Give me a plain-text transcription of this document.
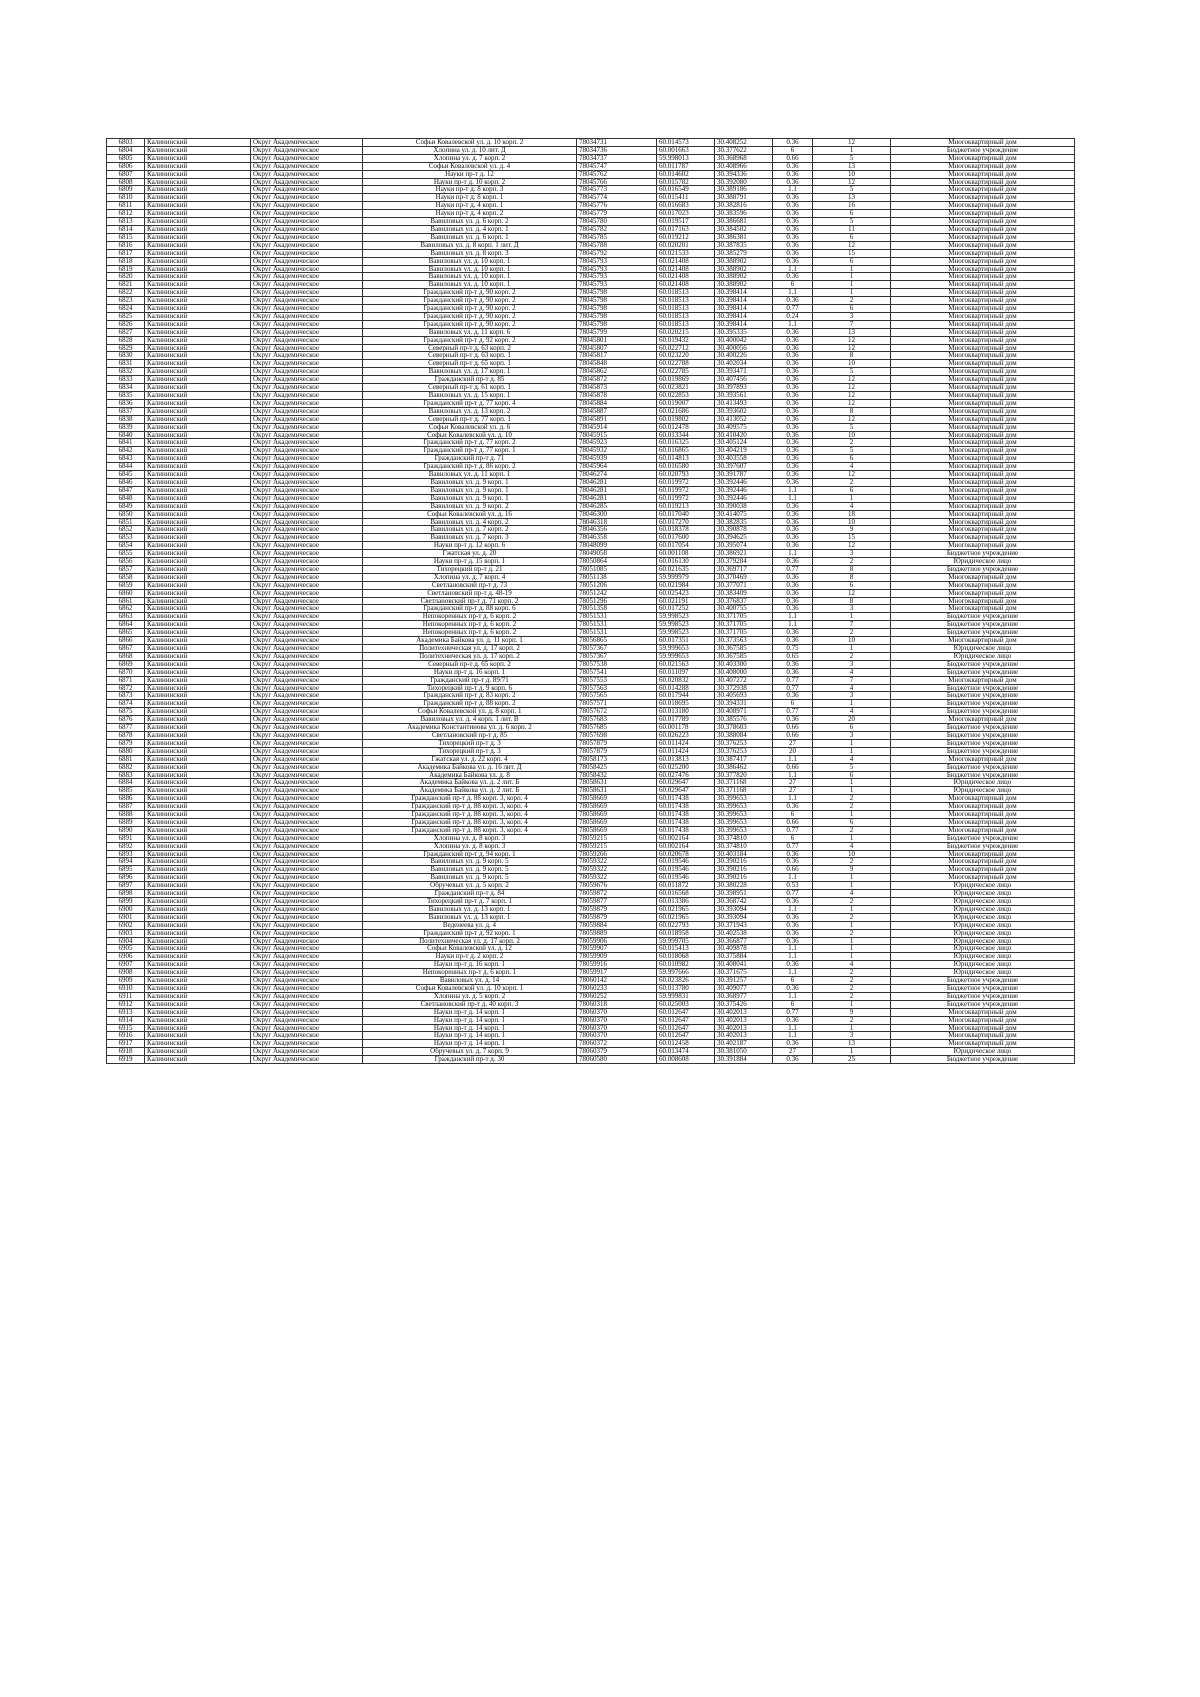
6803	Калининский	Округ Академическое	Софьи Ковалевской ул. д. 10 корп. 2	78034731	60.014573	30.408252	0.36	12	Многоквартирный дом
6804	Калининский	Округ Академическое	Хлопина ул. д. 10 лит. Д	78034736	60.001663	30.377622	6	1	Бюджетное учреждение
6805	Калининский	Округ Академическое	Хлопина ул. д. 7 корп. 2	78034737	59.998013	30.368968	0.66	5	Многоквартирный дом
6806	Калининский	Округ Академическое	Софьи Ковалевской ул. д. 4	78045747	60.011787	30.408966	0.36	13	Многоквартирный дом
6807	Калининский	Округ Академическое	Науки пр-т д. 12	78045762	60.014602	30.394336	0.36	10	Многоквартирный дом
6808	Калининский	Округ Академическое	Науки пр-т д. 10 корп. 2	78045766	60.015782	30.392080	0.36	12	Многоквартирный дом
6809	Калининский	Округ Академическое	Науки пр-т д. 8 корп. 3	78045773	60.016549	30.389186	1.1	5	Многоквартирный дом
6810	Калининский	Округ Академическое	Науки пр-т д. 8 корп. 1	78045774	60.015411	30.388791	0.36	13	Многоквартирный дом
6811	Калининский	Округ Академическое	Науки пр-т д. 4 корп. 1	78045776	60.016683	30.382816	0.36	16	Многоквартирный дом
6812	Калининский	Округ Академическое	Науки пр-т д. 4 корп. 2	78045779	60.017023	30.383596	0.36	6	Многоквартирный дом
6813	Калининский	Округ Академическое	Вавиловых ул. д. 6 корп. 2	78045780	60.019517	30.386681	0.36	5	Многоквартирный дом
6814	Калининский	Округ Академическое	Вавиловых ул. д. 4 корп. 1	78045782	60.017163	30.384502	0.36	11	Многоквартирный дом
6815	Калининский	Округ Академическое	Вавиловых ул. д. 6 корп. 1	78045785	60.019212	30.386381	0.36	6	Многоквартирный дом
6816	Калининский	Округ Академическое	Вавиловых ул. д. 8 корп. 1 лит. Д	78045788	60.020201	30.387835	0.36	12	Многоквартирный дом
6817	Калининский	Округ Академическое	Вавиловых ул. д. 8 корп. 3	78045792	60.021533	30.385279	0.36	15	Многоквартирный дом
6818	Калининский	Округ Академическое	Вавиловых ул. д. 10 корп. 1	78045793	60.021408	30.388902	0.36	6	Многоквартирный дом
6819	Калининский	Округ Академическое	Вавиловых ул. д. 10 корп. 1	78045793	60.021408	30.388902	1.1	1	Многоквартирный дом
6820	Калининский	Округ Академическое	Вавиловых ул. д. 10 корп. 1	78045793	60.021408	30.388902	0.36	1	Многоквартирный дом
6821	Калининский	Округ Академическое	Вавиловых ул. д. 10 корп. 1	78045793	60.021408	30.388902	6	1	Многоквартирный дом
6822	Калининский	Округ Академическое	Гражданский пр-т д. 90 корп. 2	78045798	60.018513	30.398414	1.1	1	Многоквартирный дом
6823	Калининский	Округ Академическое	Гражданский пр-т д. 90 корп. 2	78045798	60.018513	30.398414	0.36	2	Многоквартирный дом
6824	Калининский	Округ Академическое	Гражданский пр-т д. 90 корп. 2	78045798	60.018513	30.398414	0.77	6	Многоквартирный дом
6825	Калининский	Округ Академическое	Гражданский пр-т д. 90 корп. 2	78045798	60.018513	30.398414	0.24	3	Многоквартирный дом
6826	Калининский	Округ Академическое	Гражданский пр-т д. 90 корп. 2	78045798	60.018513	30.398414	1.1	7	Многоквартирный дом
6827	Калининский	Округ Академическое	Вавиловых ул. д. 11 корп. 6	78045799	60.020215	30.395335	0.36	13	Многоквартирный дом
6828	Калининский	Округ Академическое	Гражданский пр-т д. 92 корп. 2	78045801	60.019432	30.400042	0.36	12	Многоквартирный дом
6829	Калининский	Округ Академическое	Северный пр-т д. 63 корп. 2	78045807	60.022712	30.400056	0.36	12	Многоквартирный дом
6830	Калининский	Округ Академическое	Северный пр-т д. 63 корп. 1	78045817	60.023220	30.400226	0.36	8	Многоквартирный дом
6831	Калининский	Округ Академическое	Северный пр-т д. 65 корп. 1	78045848	60.022788	30.402034	0.36	10	Многоквартирный дом
6832	Калининский	Округ Академическое	Вавиловых ул. д. 17 корп. 1	78045862	60.022785	30.393471	0.36	5	Многоквартирный дом
6833	Калининский	Округ Академическое	Гражданский пр-т д. 85	78045872	60.019869	30.407456	0.36	12	Многоквартирный дом
6834	Калининский	Округ Академическое	Северный пр-т д. 61 корп. 1	78045873	60.023821	30.397893	0.36	12	Многоквартирный дом
6835	Калининский	Округ Академическое	Вавиловых ул. д. 15 корп. 1	78045878	60.022853	30.393561	0.36	12	Многоквартирный дом
6836	Калининский	Округ Академическое	Гражданский пр-т д. 77 корп. 4	78045884	60.019007	30.413493	0.36	12	Многоквартирный дом
6837	Калининский	Округ Академическое	Вавиловых ул. д. 13 корп. 2	78045887	60.021686	30.393602	0.36	8	Многоквартирный дом
6838	Калининский	Округ Академическое	Северный пр-т д. 77 корп. 1	78045891	60.019802	30.413052	0.36	12	Многоквартирный дом
6839	Калининский	Округ Академическое	Софьи Ковалевской ул. д. 6	78045914	60.012478	30.409575	0.36	5	Многоквартирный дом
6840	Калининский	Округ Академическое	Софьи Ковалевской ул. д. 10	78045915	60.013344	30.410420	0.36	10	Многоквартирный дом
6841	Калининский	Округ Академическое	Гражданский пр-т д. 77 корп. 2	78045923	60.016325	30.405124	0.36	2	Многоквартирный дом
6842	Калининский	Округ Академическое	Гражданский пр-т д. 77 корп. 1	78045932	60.016865	30.404219	0.36	5	Многоквартирный дом
6843	Калининский	Округ Академическое	Гражданский пр-т д. 71	78045939	60.014813	30.403558	0.36	6	Многоквартирный дом
6844	Калининский	Округ Академическое	Гражданский пр-т д. 86 корп. 2	78045964	60.016580	30.397607	0.36	4	Многоквартирный дом
6845	Калининский	Округ Академическое	Вавиловых ул. д. 11 корп. 1	78046274	60.020793	30.391787	0.36	12	Многоквартирный дом
6846	Калининский	Округ Академическое	Вавиловых ул. д. 9 корп. 1	78046281	60.019972	30.392446	0.36	2	Многоквартирный дом
6847	Калининский	Округ Академическое	Вавиловых ул. д. 9 корп. 1	78046281	60.019972	30.392446	1.1	6	Многоквартирный дом
6848	Калининский	Округ Академическое	Вавиловых ул. д. 9 корп. 1	78046281	60.019972	30.392446	1.1	1	Многоквартирный дом
6849	Калининский	Округ Академическое	Вавиловых ул. д. 9 корп. 2	78046285	60.019213	30.390038	0.36	4	Многоквартирный дом
6850	Калининский	Округ Академическое	Софьи Ковалевской ул. д. 16	78046300	60.017040	30.414075	0.36	18	Многоквартирный дом
6851	Калининский	Округ Академическое	Вавиловых ул. д. 4 корп. 2	78046318	60.017270	30.382835	0.36	10	Многоквартирный дом
6852	Калининский	Округ Академическое	Вавиловых ул. д. 7 корп. 2	78046356	60.018378	30.390878	0.36	9	Многоквартирный дом
6853	Калининский	Округ Академическое	Вавиловых ул. д. 7 корп. 3	78046358	60.017600	30.394625	0.36	15	Многоквартирный дом
6854	Калининский	Округ Академическое	Науки пр-т д. 12 корп. 6	78048099	60.017054	30.395074	0.36	12	Многоквартирный дом
6855	Калининский	Округ Академическое	Гжатская ул. д. 20	78049058	60.001108	30.386921	1.1	3	Бюджетное учреждение
6856	Калининский	Округ Академическое	Науки пр-т д. 15 корп. 1	78050864	60.016130	30.379284	0.36	2	Юридическое лицо
6857	Калининский	Округ Академическое	Тихорецкий пр-т д. 21	78051085	60.021635	30.369717	0.77	8	Бюджетное учреждение
6858	Калининский	Округ Академическое	Хлопина ул. д. 7 корп. 4	78051138	59.999979	30.370469	0.36	8	Многоквартирный дом
6859	Калининский	Округ Академическое	Светлановский пр-т д. 73	78051206	60.021984	30.377071	0.36	6	Многоквартирный дом
6860	Калининский	Округ Академическое	Светлановский пр-т д. 48-19	78051242	60.025423	30.383409	0.36	12	Многоквартирный дом
6861	Калининский	Округ Академическое	Светлановский пр-т д. 71 корп. 2	78051296	60.021191	30.376837	0.36	8	Многоквартирный дом
6862	Калининский	Округ Академическое	Гражданский пр-т д. 88 корп. 6	78051358	60.017252	30.400755	0.36	3	Многоквартирный дом
6863	Калининский	Округ Академическое	Непокоренных пр-т д. 6 корп. 2	78051531	59.998523	30.371705	1.1	1	Бюджетное учреждение
6864	Калининский	Округ Академическое	Непокоренных пр-т д. 6 корп. 2	78051531	59.998523	30.371705	1.1	7	Бюджетное учреждение
6865	Калининский	Округ Академическое	Непокоренных пр-т д. 6 корп. 2	78051531	59.998523	30.371705	0.36	2	Бюджетное учреждение
6866	Калининский	Округ Академическое	Академика Байкова ул. д. 11 корп. 1	78056865	60.017351	30.373563	0.36	10	Многоквартирный дом
6867	Калининский	Округ Академическое	Политехническая ул. д. 17 корп. 2	78057367	59.999653	30.367585	0.75	1	Юридическое лицо
6868	Калининский	Округ Академическое	Политехническая ул. д. 17 корп. 2	78057367	59.999653	30.367585	0.65	2	Юридическое лицо
6869	Калининский	Округ Академическое	Северный пр-т д. 65 корп. 2	78057538	60.021563	30.403300	0.36	3	Бюджетное учреждение
6870	Калининский	Округ Академическое	Науки пр-т д. 16 корп. 1	78057541	60.011097	30.408000	0.36	4	Бюджетное учреждение
6871	Калининский	Округ Академическое	Гражданский пр-т д. 89/71	78057553	60.020832	30.407272	0.77	7	Многоквартирный дом
6872	Калининский	Округ Академическое	Тихорецкий пр-т д. 9 корп. 6	78057563	60.014288	30.372938	0.77	4	Бюджетное учреждение
6873	Калининский	Округ Академическое	Гражданский пр-т д. 83 корп. 2	78057565	60.017944	30.405693	0.36	3	Бюджетное учреждение
6874	Калининский	Округ Академическое	Гражданский пр-т д. 88 корп. 2	78057571	60.018695	30.394331	6	1	Бюджетное учреждение
6875	Калининский	Округ Академическое	Софьи Ковалевской ул. д. 8 корп. 1	78057672	60.013180	30.408971	0.77	4	Бюджетное учреждение
6876	Калининский	Округ Академическое	Вавиловых ул. д. 4 корп. 1 лит. В	78057683	60.017789	30.385576	0.36	20	Многоквартирный дом
6877	Калининский	Округ Академическое	Академика Константинова ул. д. 6 корп. 2	78057685	60.001178	30.378603	0.66	6	Бюджетное учреждение
6878	Калининский	Округ Академическое	Светлановский пр-т д. 85	78057698	60.026223	30.388084	0.66	3	Бюджетное учреждение
6879	Калининский	Округ Академическое	Тихорецкий пр-т д. 3	78057879	60.011424	30.376253	27	1	Бюджетное учреждение
6880	Калининский	Округ Академическое	Тихорецкий пр-т д. 3	78057879	60.011424	30.376253	20	1	Бюджетное учреждение
6881	Калининский	Округ Академическое	Гжатская ул. д. 22 корп. 4	78058173	60.013813	30.387417	1.1	4	Многоквартирный дом
6882	Калининский	Округ Академическое	Академика Байкова ул. д. 16 лит. Д	78058425	60.025200	30.386462	0.66	5	Бюджетное учреждение
6883	Калининский	Округ Академическое	Академика Байкова ул. д. 8	78058432	60.027476	30.377820	1.1	6	Бюджетное учреждение
6884	Калининский	Округ Академическое	Академика Байкова ул. д. 2 лит. Б	78058631	60.029647	30.371168	27	1	Юридическое лицо
6885	Калининский	Округ Академическое	Академика Байкова ул. д. 2 лит. Б	78058631	60.029647	30.371168	27	1	Юридическое лицо
6886	Калининский	Округ Академическое	Гражданский пр-т д. 88 корп. 3, корп. 4	78058669	60.017438	30.399653	1.1	2	Многоквартирный дом
6887	Калининский	Округ Академическое	Гражданский пр-т д. 88 корп. 3, корп. 4	78058669	60.017438	30.399653	0.36	2	Многоквартирный дом
6888	Калининский	Округ Академическое	Гражданский пр-т д. 88 корп. 3, корп. 4	78058669	60.017438	30.399653	6	1	Многоквартирный дом
6889	Калининский	Округ Академическое	Гражданский пр-т д. 88 корп. 3, корп. 4	78058669	60.017438	30.399653	0.66	6	Многоквартирный дом
6890	Калининский	Округ Академическое	Гражданский пр-т д. 88 корп. 3, корп. 4	78058669	60.017438	30.399653	0.77	2	Многоквартирный дом
6891	Калининский	Округ Академическое	Хлопина ул. д. 8 корп. 3	78059215	60.002164	30.374810	6	1	Бюджетное учреждение
6892	Калининский	Округ Академическое	Хлопина ул. д. 8 корп. 3	78059215	60.002164	30.374810	0.77	4	Бюджетное учреждение
6893	Калининский	Округ Академическое	Гражданский пр-т д. 94 корп. 1	78059266	60.020678	30.403184	0.36	10	Многоквартирный дом
6894	Калининский	Округ Академическое	Вавиловых ул. д. 9 корп. 5	78059322	60.019546	30.390216	0.36	2	Многоквартирный дом
6895	Калининский	Округ Академическое	Вавиловых ул. д. 9 корп. 5	78059322	60.019546	30.390216	0.66	9	Многоквартирный дом
6896	Калининский	Округ Академическое	Вавиловых ул. д. 9 корп. 5	78059322	60.019546	30.390216	1.1	1	Многоквартирный дом
6897	Калининский	Округ Академическое	Обручевых ул. д. 5 корп. 2	78059676	60.011872	30.380228	0.53	1	Юридическое лицо
6898	Калининский	Округ Академическое	Гражданский пр-т д. 84	78059872	60.016568	30.398951	0.77	4	Юридическое лицо
6899	Калининский	Округ Академическое	Тихорецкий пр-т д. 7 корп. 1	78059877	60.013386	30.368742	0.36	2	Юридическое лицо
6900	Калининский	Округ Академическое	Вавиловых ул. д. 13 корп. 1	78059879	60.021965	30.393094	1.1	1	Юридическое лицо
6901	Калининский	Округ Академическое	Вавиловых ул. д. 13 корп. 1	78059879	60.021965	30.393094	0.36	2	Юридическое лицо
6902	Калининский	Округ Академическое	Веденеева ул. д. 4	78059884	60.022793	30.371943	0.36	1	Юридическое лицо
6903	Калининский	Округ Академическое	Гражданский пр-т д. 92 корп. 1	78059889	60.018958	30.402538	0.36	2	Юридическое лицо
6904	Калининский	Округ Академическое	Политехническая ул. д. 17 корп. 2	78059906	59.999705	30.366877	0.36	1	Юридическое лицо
6905	Калининский	Округ Академическое	Софьи Ковалевской ул. д. 12	78059907	60.015413	30.409878	1.1	1	Юридическое лицо
6906	Калининский	Округ Академическое	Науки пр-т д. 2 корп. 2	78059909	60.018068	30.375884	1.1	1	Юридическое лицо
6907	Калининский	Округ Академическое	Науки пр-т д. 16 корп. 1	78059916	60.010982	30.408041	0.36	4	Юридическое лицо
6908	Калининский	Округ Академическое	Непокоренных пр-т д. 6 корп. 1	78059917	59.997666	30.371675	1.1	2	Юридическое лицо
6909	Калининский	Округ Академическое	Вавиловых ул. д. 14	78060142	60.023826	30.391257	6	2	Бюджетное учреждение
6910	Калининский	Округ Академическое	Софьи Ковалевской ул. д. 10 корп. 1	78060233	60.013780	30.409077	0.36	2	Бюджетное учреждение
6911	Калининский	Округ Академическое	Хлопина ул. д. 5 корп. 2	78060252	59.999831	30.368977	1.1	2	Бюджетное учреждение
6912	Калининский	Округ Академическое	Светлановский пр-т д. 40 корп. 3	78060318	60.025003	30.375426	6	1	Бюджетное учреждение
6913	Калининский	Округ Академическое	Науки пр-т д. 14 корп. 1	78060370	60.012647	30.402013	0.77	9	Многоквартирный дом
6914	Калининский	Округ Академическое	Науки пр-т д. 14 корп. 1	78060370	60.012647	30.402013	0.36	2	Многоквартирный дом
6915	Калининский	Округ Академическое	Науки пр-т д. 14 корп. 1	78060370	60.012647	30.402013	1.1	1	Многоквартирный дом
6916	Калининский	Округ Академическое	Науки пр-т д. 14 корп. 1	78060370	60.012647	30.402013	1.1	3	Многоквартирный дом
6917	Калининский	Округ Академическое	Науки пр-т д. 14 корп. 1	78060372	60.012458	30.402187	0.36	13	Многоквартирный дом
6918	Калининский	Округ Академическое	Обручевых ул. д. 7 корп. 9	78060379	60.013474	30.381050	27	1	Юридическое лицо
6919	Калининский	Округ Академическое	Гражданский пр-т д. 30	78060580	60.008608	30.391884	0.36	25	Бюджетное учреждение
